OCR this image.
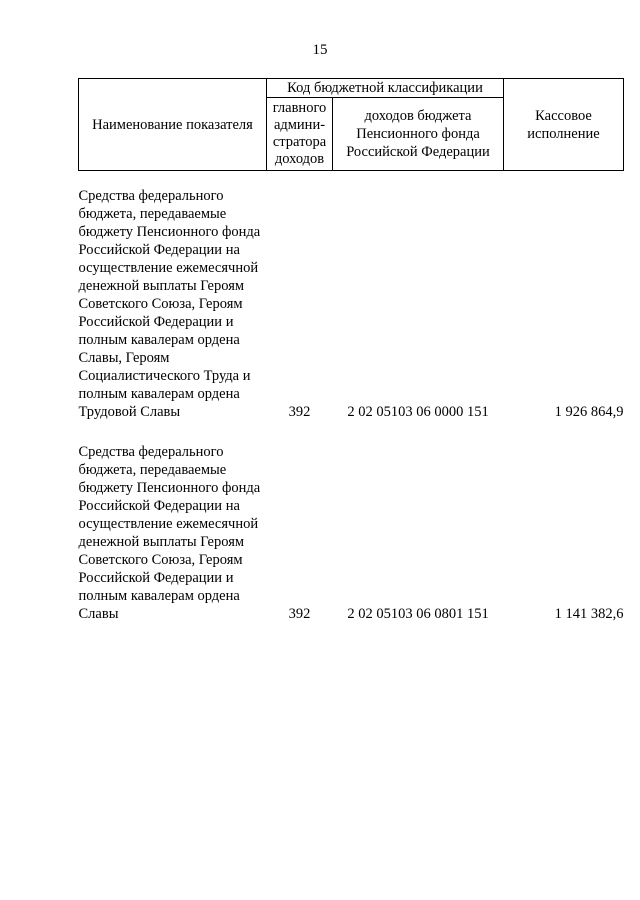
15
Наименование показателя	Код бюджетной классификации		Кассовое исполнение
	главного админи-стратора доходов	доходов бюджета Пенсионного фонда Российской Федерации	

Средства федерального бюджета, передаваемые бюджету Пенсионного фонда Российской Федерации на осуществление ежемесячной денежной выплаты Героям Советского Союза, Героям Российской Федерации и полным кавалерам ордена Славы, Героям Социалистического Труда и полным кавалерам ордена Трудовой Славы	392	2 02 05103 06 0000 151	1 926 864,9

Средства федерального бюджета, передаваемые бюджету Пенсионного фонда Российской Федерации на осуществление ежемесячной денежной выплаты Героям Советского Союза, Героям Российской Федерации и полным кавалерам ордена Славы	392	2 02 05103 06 0801 151	1 141 382,6
